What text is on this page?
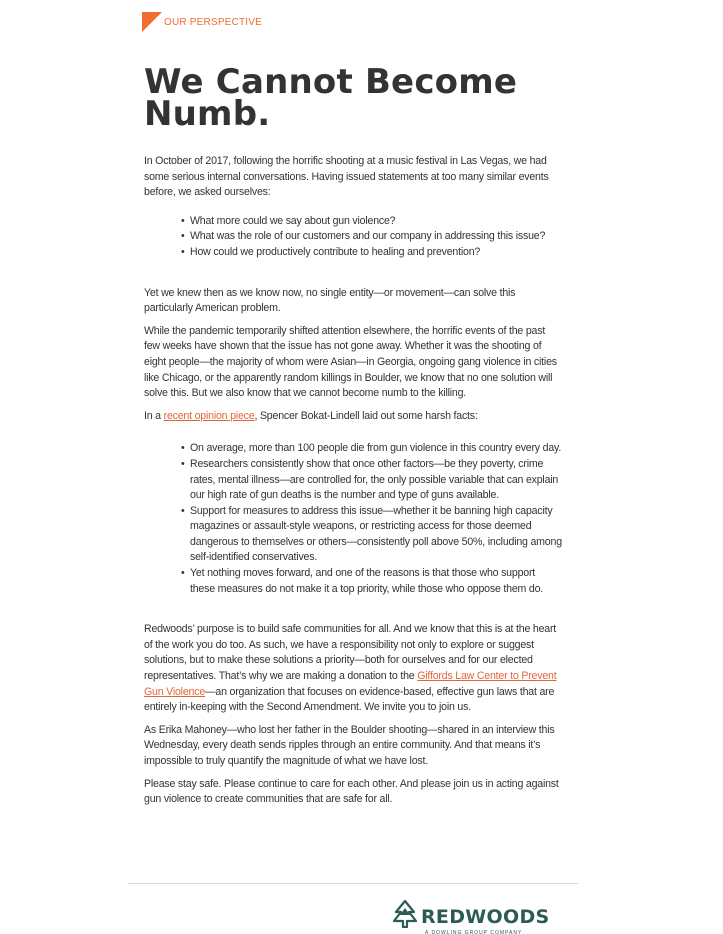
OUR PERSPECTIVE
We Cannot Become Numb.

In October of 2017, following the horrific shooting at a music festival in Las Vegas, we had some serious internal conversations. Having issued statements at too many similar events before, we asked ourselves:

• What more could we say about gun violence?
• What was the role of our customers and our company in addressing this issue?
• How could we productively contribute to healing and prevention?

Yet we knew then as we know now, no single entity—or movement—can solve this particularly American problem.

While the pandemic temporarily shifted attention elsewhere, the horrific events of the past few weeks have shown that the issue has not gone away. Whether it was the shooting of eight people—the majority of whom were Asian—in Georgia, ongoing gang violence in cities like Chicago, or the apparently random killings in Boulder, we know that no one solution will solve this. But we also know that we cannot become numb to the killing.

In a recent opinion piece, Spencer Bokat-Lindell laid out some harsh facts:

• On average, more than 100 people die from gun violence in this country every day.
• Researchers consistently show that once other factors—be they poverty, crime rates, mental illness—are controlled for, the only possible variable that can explain our high rate of gun deaths is the number and type of guns available.
• Support for measures to address this issue—whether it be banning high capacity magazines or assault-style weapons, or restricting access for those deemed dangerous to themselves or others—consistently poll above 50%, including among self-identified conservatives.
• Yet nothing moves forward, and one of the reasons is that those who support these measures do not make it a top priority, while those who oppose them do.

Redwoods’ purpose is to build safe communities for all. And we know that this is at the heart of the work you do too. As such, we have a responsibility not only to explore or suggest solutions, but to make these solutions a priority—both for ourselves and for our elected representatives. That’s why we are making a donation to the Giffords Law Center to Prevent Gun Violence—an organization that focuses on evidence-based, effective gun laws that are entirely in-keeping with the Second Amendment. We invite you to join us.

As Erika Mahoney—who lost her father in the Boulder shooting—shared in an interview this Wednesday, every death sends ripples through an entire community. And that means it’s impossible to truly quantify the magnitude of what we have lost.

Please stay safe. Please continue to care for each other. And please join us in acting against gun violence to create communities that are safe for all.

REDWOODS
A DOWLING GROUP COMPANY
